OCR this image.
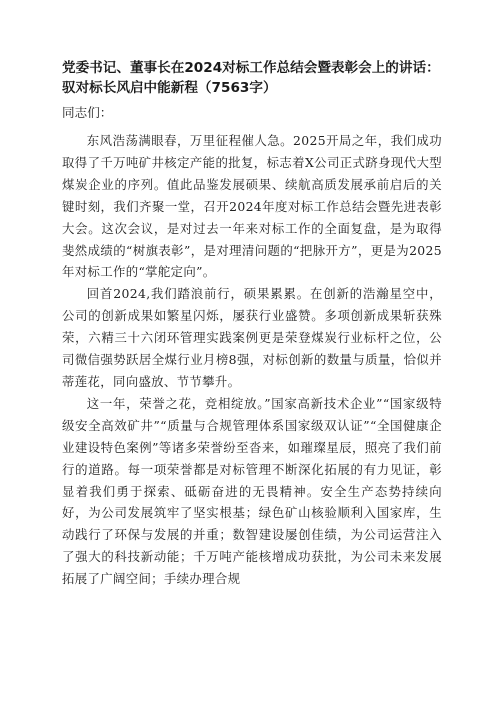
党委书记、董事长在2024对标工作总结会暨表彰会上的讲话：驭对标长风启中能新程（7563字）
同志们：

东风浩荡满眼春，万里征程催人急。2025开局之年，我们成功取得了千万吨矿井核定产能的批复，标志着X公司正式跻身现代大型煤炭企业的序列。值此品鉴发展硕果、续航高质发展承前启后的关键时刻，我们齐聚一堂，召开2024年度对标工作总结会暨先进表彰大会。这次会议，是对过去一年来对标工作的全面复盘，是为取得斐然成绩的“树旗表彰”，是对理清问题的“把脉开方”，更是为2025年对标工作的“掌舵定向”。

回首2024,我们踏浪前行，硕果累累。在创新的浩瀚星空中，公司的创新成果如繁星闪烁，屡获行业盛赞。多项创新成果斩获殊荣，六精三十六闭环管理实践案例更是荣登煤炭行业标杆之位，公司微信强势跃居全煤行业月榜8强，对标创新的数量与质量，恰似并蒂莲花，同向盛放、节节攀升。

这一年，荣誉之花，竞相绽放。”国家高新技术企业”“国家级特级安全高效矿井”“质量与合规管理体系国家级双认证”“全国健康企业建设特色案例”等诸多荣誉纷至沓来，如璀璨星辰，照亮了我们前行的道路。每一项荣誉都是对标管理不断深化拓展的有力见证，彰显着我们勇于探索、砥砺奋进的无畏精神。安全生产态势持续向好，为公司发展筑牢了坚实根基；绿色矿山核验顺利入国家库，生动践行了环保与发展的并重；数智建设屡创佳绩，为公司运营注入了强大的科技新动能；千万吨产能核增成功获批，为公司未来发展拓展了广阔空间；手续办理合规
